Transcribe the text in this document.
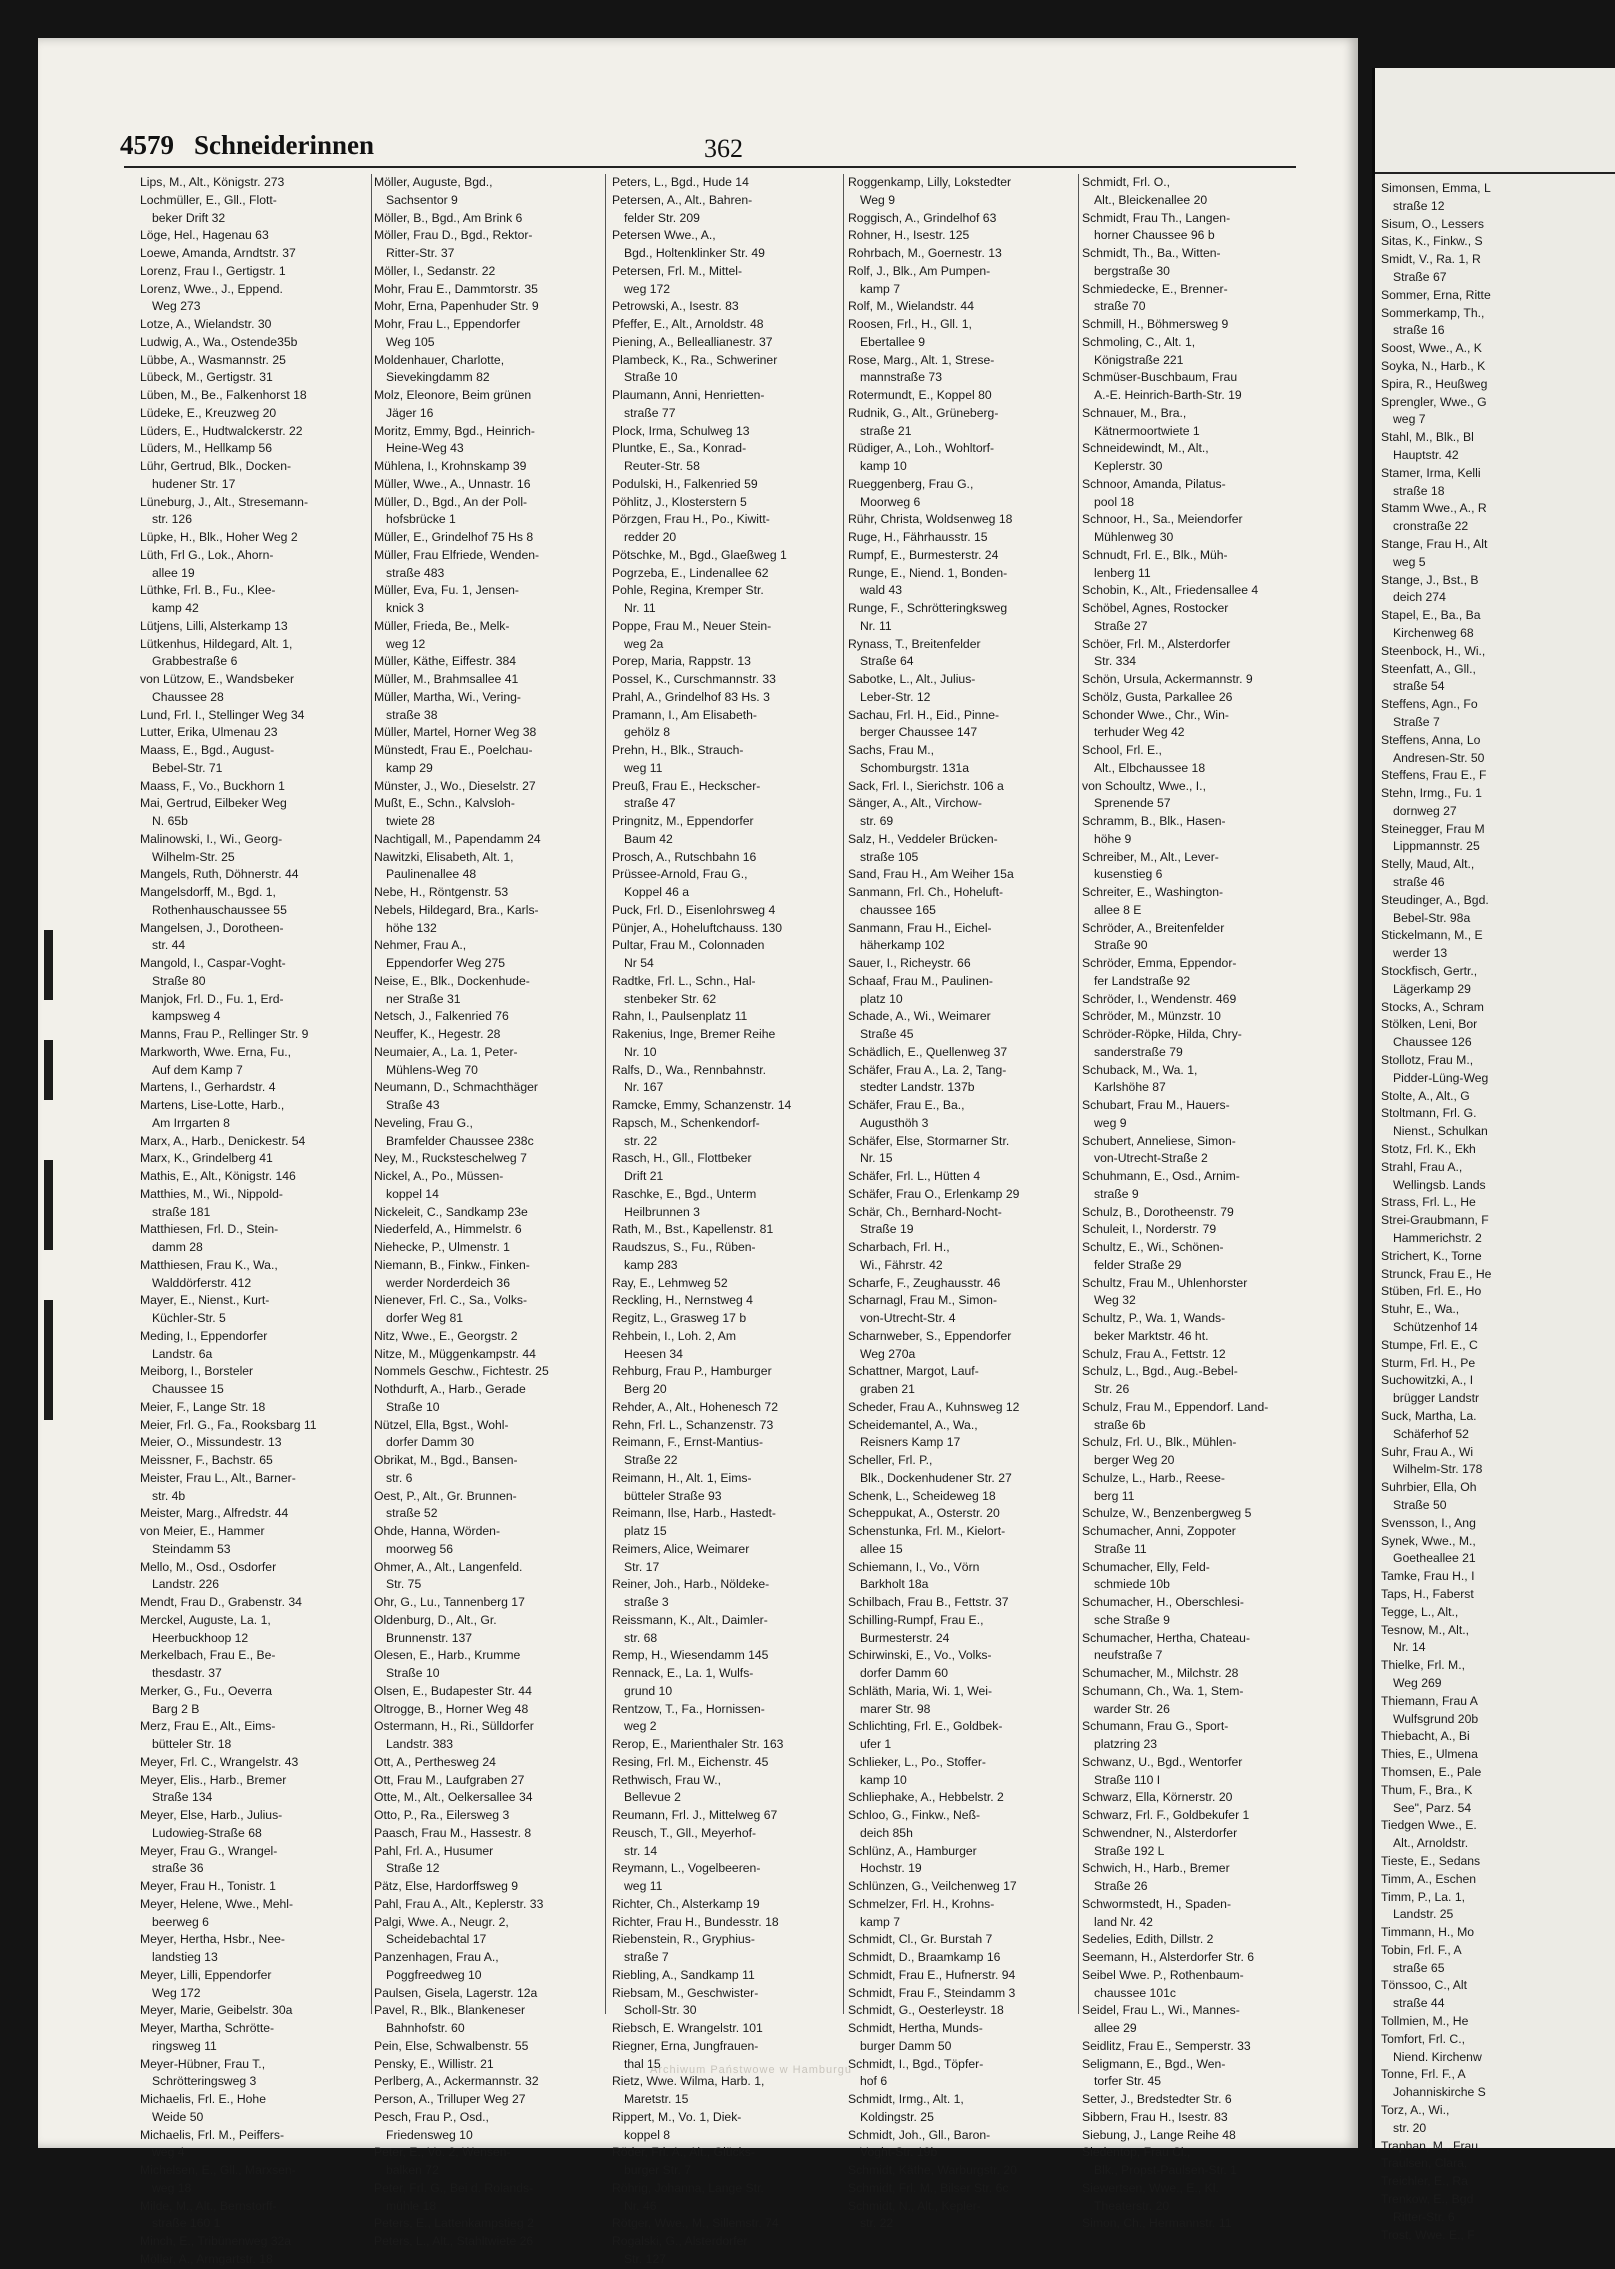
4579 Schneiderinnen	362
Lips, M., Alt., Königstr. 273
Lochmüller, E., Gll., Flott-
beker Drift 32
Löge, Hel., Hagenau 63
Loewe, Amanda, Arndtstr. 37
Lorenz, Frau I., Gertigstr. 1
Lorenz, Wwe., J., Eppend.
Weg 273
Lotze, A., Wielandstr. 30
Ludwig, A., Wa., Ostende35b
Lübbe, A., Wasmannstr. 25
Lübeck, M., Gertigstr. 31
Lüben, M., Be., Falkenhorst 18
Lüdeke, E., Kreuzweg 20
Lüders, E., Hudtwalckerstr. 22
Lüders, M., Hellkamp 56
Lühr, Gertrud, Blk., Docken-
hudener Str. 17
Lüneburg, J., Alt., Stresemann-
str. 126
Lüpke, H., Blk., Hoher Weg 2
Lüth, Frl G., Lok., Ahorn-
allee 19
Lüthke, Frl. B., Fu., Klee-
kamp 42
Lütjens, Lilli, Alsterkamp 13
Lütkenhus, Hildegard, Alt. 1,
Grabbestraße 6
von Lützow, E., Wandsbeker
Chaussee 28
Lund, Frl. I., Stellinger Weg 34
Lutter, Erika, Ulmenau 23
Maass, E., Bgd., August-
Bebel-Str. 71
Maass, F., Vo., Buckhorn 1
Mai, Gertrud, Eilbeker Weg
N. 65b
Malinowski, I., Wi., Georg-
Wilhelm-Str. 25
Mangels, Ruth, Döhnerstr. 44
Mangelsdorff, M., Bgd. 1,
Rothenhauschaussee 55
Mangelsen, J., Dorotheen-
str. 44
Mangold, I., Caspar-Voght-
Straße 80
Manjok, Frl. D., Fu. 1, Erd-
kampsweg 4
Manns, Frau P., Rellinger Str. 9
Markworth, Wwe. Erna, Fu.,
Auf dem Kamp 7
Martens, I., Gerhardstr. 4
Martens, Lise-Lotte, Harb.,
Am Irrgarten 8
Marx, A., Harb., Denickestr. 54
Marx, K., Grindelberg 41
Mathis, E., Alt., Königstr. 146
Matthies, M., Wi., Nippold-
straße 181
Matthiesen, Frl. D., Stein-
damm 28
Matthiesen, Frau K., Wa.,
Walddörferstr. 412
Mayer, E., Nienst., Kurt-
Küchler-Str. 5
Meding, I., Eppendorfer
Landstr. 6a
Meiborg, I., Borsteler
Chaussee 15
Meier, F., Lange Str. 18
Meier, Frl. G., Fa., Rooksbarg 11
Meier, O., Missundestr. 13
Meissner, F., Bachstr. 65
Meister, Frau L., Alt., Barner-
str. 4b
Meister, Marg., Alfredstr. 44
von Meier, E., Hammer
Steindamm 53
Mello, M., Osd., Osdorfer
Landstr. 226
Mendt, Frau D., Grabenstr. 34
Merckel, Auguste, La. 1,
Heerbuckhoop 12
Merkelbach, Frau E., Be-
thesdastr. 37
Merker, G., Fu., Oeverra
Barg 2 B
Merz, Frau E., Alt., Eims-
bütteler Str. 18
Meyer, Frl. C., Wrangelstr. 43
Meyer, Elis., Harb., Bremer
Straße 134
Meyer, Else, Harb., Julius-
Ludowieg-Straße 68
Meyer, Frau G., Wrangel-
straße 36
Meyer, Frau H., Tonistr. 1
Meyer, Helene, Wwe., Mehl-
beerweg 6
Meyer, Hertha, Hsbr., Nee-
landstieg 13
Meyer, Lilli, Eppendorfer
Weg 172
Meyer, Marie, Geibelstr. 30a
Meyer, Martha, Schrötte-
ringsweg 11
Meyer-Hübner, Frau T.,
Schrötteringsweg 3
Michaelis, Frl. E., Hohe
Weide 50
Michaelis, Frl. M., Peiffers-
weg 4
Michelsen, E., Gll., Marxsen-
weg 18
Milde, M., Alt., Bernstorff-
straße 160 1
Minch, E., Tribünenweg 32a
Möller, A., Armgartstr. 18
Möller, Auguste, Bgd.,
Sachsentor 9
Möller, B., Bgd., Am Brink 6
Möller, Frau D., Bgd., Rektor-
Ritter-Str. 37
Möller, I., Sedanstr. 22
Mohr, Frau E., Dammtorstr. 35
Mohr, Erna, Papenhuder Str. 9
Mohr, Frau L., Eppendorfer
Weg 105
Moldenhauer, Charlotte,
Sievekingdamm 82
Molz, Eleonore, Beim grünen
Jäger 16
Moritz, Emmy, Bgd., Heinrich-
Heine-Weg 43
Mühlena, I., Krohnskamp 39
Müller, Wwe., A., Unnastr. 16
Müller, D., Bgd., An der Poll-
hofsbrücke 1
Müller, E., Grindelhof 75 Hs 8
Müller, Frau Elfriede, Wenden-
straße 483
Müller, Eva, Fu. 1, Jensen-
knick 3
Müller, Frieda, Be., Melk-
weg 12
Müller, Käthe, Eiffestr. 384
Müller, M., Brahmsallee 41
Müller, Martha, Wi., Vering-
straße 38
Müller, Martel, Horner Weg 38
Münstedt, Frau E., Poelchau-
kamp 29
Münster, J., Wo., Dieselstr. 27
Mußt, E., Schn., Kalvsloh-
twiete 28
Nachtigall, M., Papendamm 24
Nawitzki, Elisabeth, Alt. 1,
Paulinenallee 48
Nebe, H., Röntgenstr. 53
Nebels, Hildegard, Bra., Karls-
höhe 132
Nehmer, Frau A.,
Eppendorfer Weg 275
Neise, E., Blk., Dockenhude-
ner Straße 31
Netsch, J., Falkenried 76
Neuffer, K., Hegestr. 28
Neumaier, A., La. 1, Peter-
Mühlens-Weg 70
Neumann, D., Schmachthäger
Straße 43
Neveling, Frau G.,
Bramfelder Chaussee 238c
Ney, M., Rucksteschelweg 7
Nickel, A., Po., Müssen-
koppel 14
Nickeleit, C., Sandkamp 23e
Niederfeld, A., Himmelstr. 6
Niehecke, P., Ulmenstr. 1
Niemann, B., Finkw., Finken-
werder Norderdeich 36
Nienever, Frl. C., Sa., Volks-
dorfer Weg 81
Nitz, Wwe., E., Georgstr. 2
Nitze, M., Müggenkampstr. 44
Nommels Geschw., Fichtestr. 25
Nothdurft, A., Harb., Gerade
Straße 10
Nützel, Ella, Bgst., Wohl-
dorfer Damm 30
Obrikat, M., Bgd., Bansen-
str. 6
Oest, P., Alt., Gr. Brunnen-
straße 52
Ohde, Hanna, Wörden-
moorweg 56
Ohmer, A., Alt., Langenfeld.
Str. 75
Ohr, G., Lu., Tannenberg 17
Oldenburg, D., Alt., Gr.
Brunnenstr. 137
Olesen, E., Harb., Krumme
Straße 10
Olsen, E., Budapester Str. 44
Oltrogge, B., Horner Weg 48
Ostermann, H., Ri., Sülldorfer
Landstr. 383
Ott, A., Perthesweg 24
Ott, Frau M., Laufgraben 27
Otte, M., Alt., Oelkersallee 34
Otto, P., Ra., Eilersweg 3
Paasch, Frau M., Hassestr. 8
Pahl, Frl. A., Husumer
Straße 12
Pätz, Else, Hardorffsweg 9
Pahl, Frau A., Alt., Keplerstr. 33
Palgi, Wwe. A., Neugr. 2,
Scheidebachtal 17
Panzenhagen, Frau A.,
Poggfreedweg 10
Paulsen, Gisela, Lagerstr. 12a
Pavel, R., Blk., Blankeneser
Bahnhofstr. 60
Pein, Else, Schwalbenstr. 55
Pensky, E., Willistr. 21
Perlberg, A., Ackermannstr. 32
Person, A., Trilluper Weg 27
Pesch, Frau P., Osd.,
Friedensweg 10
Peter, E., Vo. 2, Wensen-
balken 72
Peter, Frl. G., Bei d. Rolands-
mühle 18
Peters, E., Lattenkampstieg 2
Peters, L., Alt., Stahltwiete 26
Peters, L., Bgd., Hude 14
Petersen, A., Alt., Bahren-
felder Str. 209
Petersen Wwe., A.,
Bgd., Holtenklinker Str. 49
Petersen, Frl. M., Mittel-
weg 172
Petrowski, A., Isestr. 83
Pfeffer, E., Alt., Arnoldstr. 48
Piening, A., Belleallianestr. 37
Plambeck, K., Ra., Schweriner
Straße 10
Plaumann, Anni, Henrietten-
straße 77
Plock, Irma, Schulweg 13
Pluntke, E., Sa., Konrad-
Reuter-Str. 58
Podulski, H., Falkenried 59
Pöhlitz, J., Klosterstern 5
Pörzgen, Frau H., Po., Kiwitt-
redder 20
Pötschke, M., Bgd., Glaeßweg 1
Pogrzeba, E., Lindenallee 62
Pohle, Regina, Kremper Str.
Nr. 11
Poppe, Frau M., Neuer Stein-
weg 2a
Porep, Maria, Rappstr. 13
Possel, K., Curschmannstr. 33
Prahl, A., Grindelhof 83 Hs. 3
Pramann, I., Am Elisabeth-
gehölz 8
Prehn, H., Blk., Strauch-
weg 11
Preuß, Frau E., Heckscher-
straße 47
Pringnitz, M., Eppendorfer
Baum 42
Prosch, A., Rutschbahn 16
Prüssee-Arnold, Frau G.,
Koppel 46 a
Puck, Frl. D., Eisenlohrsweg 4
Pünjer, A., Hoheluftchauss. 130
Pultar, Frau M., Colonnaden
Nr 54
Radtke, Frl. L., Schn., Hal-
stenbeker Str. 62
Rahn, I., Paulsenplatz 11
Rakenius, Inge, Bremer Reihe
Nr. 10
Ralfs, D., Wa., Rennbahnstr.
Nr. 167
Ramcke, Emmy, Schanzenstr. 14
Rapsch, M., Schenkendorf-
str. 22
Rasch, H., Gll., Flottbeker
Drift 21
Raschke, E., Bgd., Unterm
Heilbrunnen 3
Rath, M., Bst., Kapellenstr. 81
Raudszus, S., Fu., Rüben-
kamp 283
Ray, E., Lehmweg 52
Reckling, H., Nernstweg 4
Regitz, L., Grasweg 17 b
Rehbein, I., Loh. 2, Am
Heesen 34
Rehburg, Frau P., Hamburger
Berg 20
Rehder, A., Alt., Hohenesch 72
Rehn, Frl. L., Schanzenstr. 73
Reimann, F., Ernst-Mantius-
Straße 22
Reimann, H., Alt. 1, Eims-
bütteler Straße 93
Reimann, Ilse, Harb., Hastedt-
platz 15
Reimers, Alice, Weimarer
Str. 17
Reiner, Joh., Harb., Nöldeke-
straße 3
Reissmann, K., Alt., Daimler-
str. 68
Remp, H., Wiesendamm 145
Rennack, E., La. 1, Wulfs-
grund 10
Rentzow, T., Fa., Hornissen-
weg 2
Rerop, E., Marienthaler Str. 163
Resing, Frl. M., Eichenstr. 45
Rethwisch, Frau W.,
Bellevue 2
Reumann, Frl. J., Mittelweg 67
Reusch, T., Gll., Meyerhof-
str. 14
Reymann, L., Vogelbeeren-
weg 11
Richter, Ch., Alsterkamp 19
Richter, Frau H., Bundesstr. 18
Riebenstein, R., Gryphius-
straße 7
Riebling, A., Sandkamp 11
Riebsam, M., Geschwister-
Scholl-Str. 30
Riebsch, E. Wrangelstr. 101
Riegner, Erna, Jungfrauen-
thal 15
Rietz, Wwe. Wilma, Harb. 1,
Maretstr. 15
Rippert, M., Vo. 1, Diek-
koppel 8
Röder, Frl. A., Alt., Glücks-
burger Str. 7
Röhrig, Johanna, Lange Str.
Nr. 46
Rötger, Wwe., M., Sillemstr. 74
Rogalski, G., Alsterdorfer
Str. 127
Roggenkamp, Lilly, Lokstedter
Weg 9
Roggisch, A., Grindelhof 63
Rohner, H., Isestr. 125
Rohrbach, M., Goernestr. 13
Rolf, J., Blk., Am Pumpen-
kamp 7
Rolf, M., Wielandstr. 44
Roosen, Frl., H., Gll. 1,
Ebertallee 9
Rose, Marg., Alt. 1, Strese-
mannstraße 73
Rotermundt, E., Koppel 80
Rudnik, G., Alt., Grüneberg-
straße 21
Rüdiger, A., Loh., Wohltorf-
kamp 10
Rueggenberg, Frau G.,
Moorweg 6
Rühr, Christa, Woldsenweg 18
Ruge, H., Fährhausstr. 15
Rumpf, E., Burmesterstr. 24
Runge, E., Niend. 1, Bonden-
wald 43
Runge, F., Schrötteringksweg
Nr. 11
Rynass, T., Breitenfelder
Straße 64
Sabotke, L., Alt., Julius-
Leber-Str. 12
Sachau, Frl. H., Eid., Pinne-
berger Chaussee 147
Sachs, Frau M.,
Schomburgstr. 131a
Sack, Frl. I., Sierichstr. 106 a
Sänger, A., Alt., Virchow-
str. 69
Salz, H., Veddeler Brücken-
straße 105
Sand, Frau H., Am Weiher 15a
Sanmann, Frl. Ch., Hoheluft-
chaussee 165
Sanmann, Frau H., Eichel-
häherkamp 102
Sauer, I., Richeystr. 66
Schaaf, Frau M., Paulinen-
platz 10
Schade, A., Wi., Weimarer
Straße 45
Schädlich, E., Quellenweg 37
Schäfer, Frau A., La. 2, Tang-
stedter Landstr. 137b
Schäfer, Frau E., Ba.,
Augusthöh 3
Schäfer, Else, Stormarner Str.
Nr. 15
Schäfer, Frl. L., Hütten 4
Schäfer, Frau O., Erlenkamp 29
Schär, Ch., Bernhard-Nocht-
Straße 19
Scharbach, Frl. H.,
Wi., Fährstr. 42
Scharfe, F., Zeughausstr. 46
Scharnagl, Frau M., Simon-
von-Utrecht-Str. 4
Scharnweber, S., Eppendorfer
Weg 270a
Schattner, Margot, Lauf-
graben 21
Scheder, Frau A., Kuhnsweg 12
Scheidemantel, A., Wa.,
Reisners Kamp 17
Scheller, Frl. P.,
Blk., Dockenhudener Str. 27
Schenk, L., Scheideweg 18
Scheppukat, A., Osterstr. 20
Schenstunka, Frl. M., Kielort-
allee 15
Schiemann, I., Vo., Vörn
Barkholt 18a
Schilbach, Frau B., Fettstr. 37
Schilling-Rumpf, Frau E.,
Burmesterstr. 24
Schirwinski, E., Vo., Volks-
dorfer Damm 60
Schläth, Maria, Wi. 1, Wei-
marer Str. 98
Schlichting, Frl. E., Goldbek-
ufer 1
Schlieker, L., Po., Stoffer-
kamp 10
Schliephake, A., Hebbelstr. 2
Schloo, G., Finkw., Neß-
deich 85h
Schlünz, A., Hamburger
Hochstr. 19
Schlünzen, G., Veilchenweg 17
Schmelzer, Frl. H., Krohns-
kamp 7
Schmidt, Cl., Gr. Burstah 7
Schmidt, D., Braamkamp 16
Schmidt, Frau E., Hufnerstr. 94
Schmidt, Frau F., Steindamm 3
Schmidt, G., Oesterleystr. 18
Schmidt, Hertha, Munds-
burger Damm 50
Schmidt, I., Bgd., Töpfer-
hof 6
Schmidt, Irmg., Alt. 1,
Koldingstr. 25
Schmidt, Joh., Gll., Baron-
Voght-Str. 19b
Schmidt, Käthe, Warburgstr. 20
Schmidt, Frl. M., Bilser Str. 6c
Schmidt, N., Alt., Kepler-
str. 22
Schmidt, Frl. O.,
Alt., Bleickenallee 20
Schmidt, Frau Th., Langen-
horner Chaussee 96 b
Schmidt, Th., Ba., Witten-
bergstraße 30
Schmiedecke, E., Brenner-
straße 70
Schmill, H., Böhmersweg 9
Schmoling, C., Alt. 1,
Königstraße 221
Schmüser-Buschbaum, Frau
A.-E. Heinrich-Barth-Str. 19
Schnauer, M., Bra.,
Kätnermoortwiete 1
Schneidewindt, M., Alt.,
Keplerstr. 30
Schnoor, Amanda, Pilatus-
pool 18
Schnoor, H., Sa., Meiendorfer
Mühlenweg 30
Schnudt, Frl. E., Blk., Müh-
lenberg 11
Schobin, K., Alt., Friedensallee 4
Schöbel, Agnes, Rostocker
Straße 27
Schöer, Frl. M., Alsterdorfer
Str. 334
Schön, Ursula, Ackermannstr. 9
Schölz, Gusta, Parkallee 26
Schonder Wwe., Chr., Win-
terhuder Weg 42
School, Frl. E.,
Alt., Elbchaussee 18
von Schoultz, Wwe., I.,
Sprenende 57
Schramm, B., Blk., Hasen-
höhe 9
Schreiber, M., Alt., Lever-
kusenstieg 6
Schreiter, E., Washington-
allee 8 E
Schröder, A., Breitenfelder
Straße 90
Schröder, Emma, Eppendor-
fer Landstraße 92
Schröder, I., Wendenstr. 469
Schröder, M., Münzstr. 10
Schröder-Röpke, Hilda, Chry-
sanderstraße 79
Schuback, M., Wa. 1,
Karlshöhe 87
Schubart, Frau M., Hauers-
weg 9
Schubert, Anneliese, Simon-
von-Utrecht-Straße 2
Schuhmann, E., Osd., Arnim-
straße 9
Schulz, B., Dorotheenstr. 79
Schuleit, I., Norderstr. 79
Schultz, E., Wi., Schönen-
felder Straße 29
Schultz, Frau M., Uhlenhorster
Weg 32
Schultz, P., Wa. 1, Wands-
beker Marktstr. 46 ht.
Schulz, Frau A., Fettstr. 12
Schulz, L., Bgd., Aug.-Bebel-
Str. 26
Schulz, Frau M., Eppendorf. Land-
straße 6b
Schulz, Frl. U., Blk., Mühlen-
berger Weg 20
Schulze, L., Harb., Reese-
berg 11
Schulze, W., Benzenbergweg 5
Schumacher, Anni, Zoppoter
Straße 11
Schumacher, Elly, Feld-
schmiede 10b
Schumacher, H., Oberschlesi-
sche Straße 9
Schumacher, Hertha, Chateau-
neufstraße 7
Schumacher, M., Milchstr. 28
Schumann, Ch., Wa. 1, Stem-
warder Str. 26
Schumann, Frau G., Sport-
platzring 23
Schwanz, U., Bgd., Wentorfer
Straße 110 I
Schwarz, Ella, Körnerstr. 20
Schwarz, Frl. F., Goldbekufer 1
Schwendner, N., Alsterdorfer
Straße 192 L
Schwich, H., Harb., Bremer
Straße 26
Schwormstedt, H., Spaden-
land Nr. 42
Sedelies, Edith, Dillstr. 2
Seemann, H., Alsterdorfer Str. 6
Seibel Wwe. P., Rothenbaum-
chaussee 101c
Seidel, Frau L., Wi., Mannes-
allee 29
Seidlitz, Frau E., Semperstr. 33
Seligmann, E., Bgd., Wen-
torfer Str. 45
Setter, J., Bredstedter Str. 6
Sibbern, Frau H., Isestr. 83
Siebung, J., Lange Reihe 48
Siedentop, Frau Cl.,
Blk., Propst-Paulsen-Str. 1
Siewertsen, Wwe., E., Kl.
Theaterstr. 20
Simon, Ch., Hermannstr. 11
Archiwum Państwowe w Hamburgu
Simonsen, Emma, L
straße 12
Sisum, O., Lessers
Sitas, K., Finkw., S
Smidt, V., Ra. 1, R
Straße 67
Sommer, Erna, Ritte
Sommerkamp, Th.,
straße 16
Soost, Wwe., A., K
Soyka, N., Harb., K
Spira, R., Heußweg
Sprengler, Wwe., G
weg 7
Stahl, M., Blk., Bl
Hauptstr. 42
Stamer, Irma, Kelli
straße 18
Stamm Wwe., A., R
cronstraße 22
Stange, Frau H., Alt
weg 5
Stange, J., Bst., B
deich 274
Stapel, E., Ba., Ba
Kirchenweg 68
Steenbock, H., Wi.,
Steenfatt, A., Gll.,
straße 54
Steffens, Agn., Fo
Straße 7
Steffens, Anna, Lo
Andresen-Str. 50
Steffens, Frau E., F
Stehn, Irmg., Fu. 1
dornweg 27
Steinegger, Frau M
Lippmannstr. 25
Stelly, Maud, Alt.,
straße 46
Steudinger, A., Bgd.
Bebel-Str. 98a
Stickelmann, M., E
werder 13
Stockfisch, Gertr.,
Lägerkamp 29
Stocks, A., Schram
Stölken, Leni, Bor
Chaussee 126
Stollotz, Frau M.,
Pidder-Lüng-Weg
Stolte, A., Alt., G
Stoltmann, Frl. G.
Nienst., Schulkan
Stotz, Frl. K., Ekh
Strahl, Frau A.,
Wellingsb. Lands
Strass, Frl. L., He
Strei-Graubmann, F
Hammerichstr. 2
Strichert, K., Torne
Strunck, Frau E., He
Stüben, Frl. E., Ho
Stuhr, E., Wa.,
Schützenhof 14
Stumpe, Frl. E., C
Sturm, Frl. H., Pe
Suchowitzki, A., I
brügger Landstr
Suck, Martha, La.
Schäferhof 52
Suhr, Frau A., Wi
Wilhelm-Str. 178
Suhrbier, Ella, Oh
Straße 50
Svensson, I., Ang
Synek, Wwe., M.,
Goetheallee 21
Tamke, Frau H., I
Taps, H., Faberst
Tegge, L., Alt.,
Tesnow, M., Alt.,
Nr. 14
Thielke, Frl. M.,
Weg 269
Thiemann, Frau A
Wulfsgrund 20b
Thiebacht, A., Bi
Thies, E., Ulmena
Thomsen, E., Pale
Thum, F., Bra., K
See", Parz. 54
Tiedgen Wwe., E.
Alt., Arnoldstr.
Tieste, E., Sedans
Timm, A., Eschen
Timm, P., La. 1,
Landstr. 25
Timmann, H., Mo
Tobin, Frl. F., A
straße 65
Tönssoo, C., Alt
straße 44
Tollmien, M., He
Tomfort, Frl. C.,
Niend. Kirchenw
Tonne, Frl. F., A
Johanniskirche S
Torz, A., Wi.,
str. 20
Traphan, M., Frau
Traulsen, Clara,
Treichler, E., Ra
Trenkow, E., Bgd
Ritter-Str. 6
Trost, Wwe. E., F
